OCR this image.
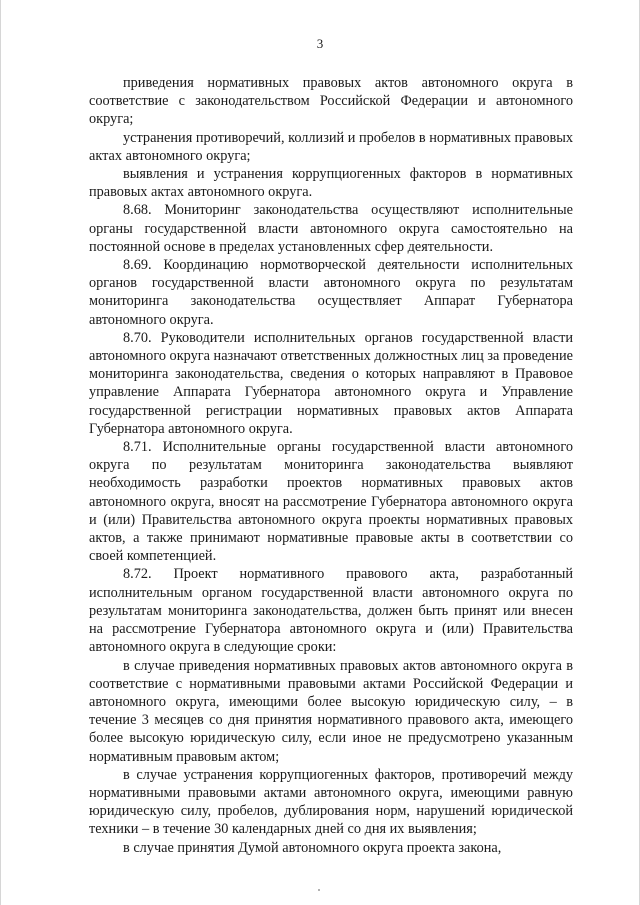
3

приведения нормативных правовых актов автономного округа в соответствие с законодательством Российской Федерации и автономного округа;

устранения противоречий, коллизий и пробелов в нормативных правовых актах автономного округа;

выявления и устранения коррупциогенных факторов в нормативных правовых актах автономного округа.

8.68. Мониторинг законодательства осуществляют исполнительные органы государственной власти автономного округа самостоятельно на постоянной основе в пределах установленных сфер деятельности.

8.69. Координацию нормотворческой деятельности исполнительных органов государственной власти автономного округа по результатам мониторинга законодательства осуществляет Аппарат Губернатора автономного округа.

8.70. Руководители исполнительных органов государственной власти автономного округа назначают ответственных должностных лиц за проведение мониторинга законодательства, сведения о которых направляют в Правовое управление Аппарата Губернатора автономного округа и Управление государственной регистрации нормативных правовых актов Аппарата Губернатора автономного округа.

8.71. Исполнительные органы государственной власти автономного округа по результатам мониторинга законодательства выявляют необходимость разработки проектов нормативных правовых актов автономного округа, вносят на рассмотрение Губернатора автономного округа и (или) Правительства автономного округа проекты нормативных правовых актов, а также принимают нормативные правовые акты в соответствии со своей компетенцией.

8.72. Проект нормативного правового акта, разработанный исполнительным органом государственной власти автономного округа по результатам мониторинга законодательства, должен быть принят или внесен на рассмотрение Губернатора автономного округа и (или) Правительства автономного округа в следующие сроки:

в случае приведения нормативных правовых актов автономного округа в соответствие с нормативными правовыми актами Российской Федерации и автономного округа, имеющими более высокую юридическую силу, – в течение 3 месяцев со дня принятия нормативного правового акта, имеющего более высокую юридическую силу, если иное не предусмотрено указанным нормативным правовым актом;

в случае устранения коррупциогенных факторов, противоречий между нормативными правовыми актами автономного округа, имеющими равную юридическую силу, пробелов, дублирования норм, нарушений юридической техники – в течение 30 календарных дней со дня их выявления;

в случае принятия Думой автономного округа проекта закона,
